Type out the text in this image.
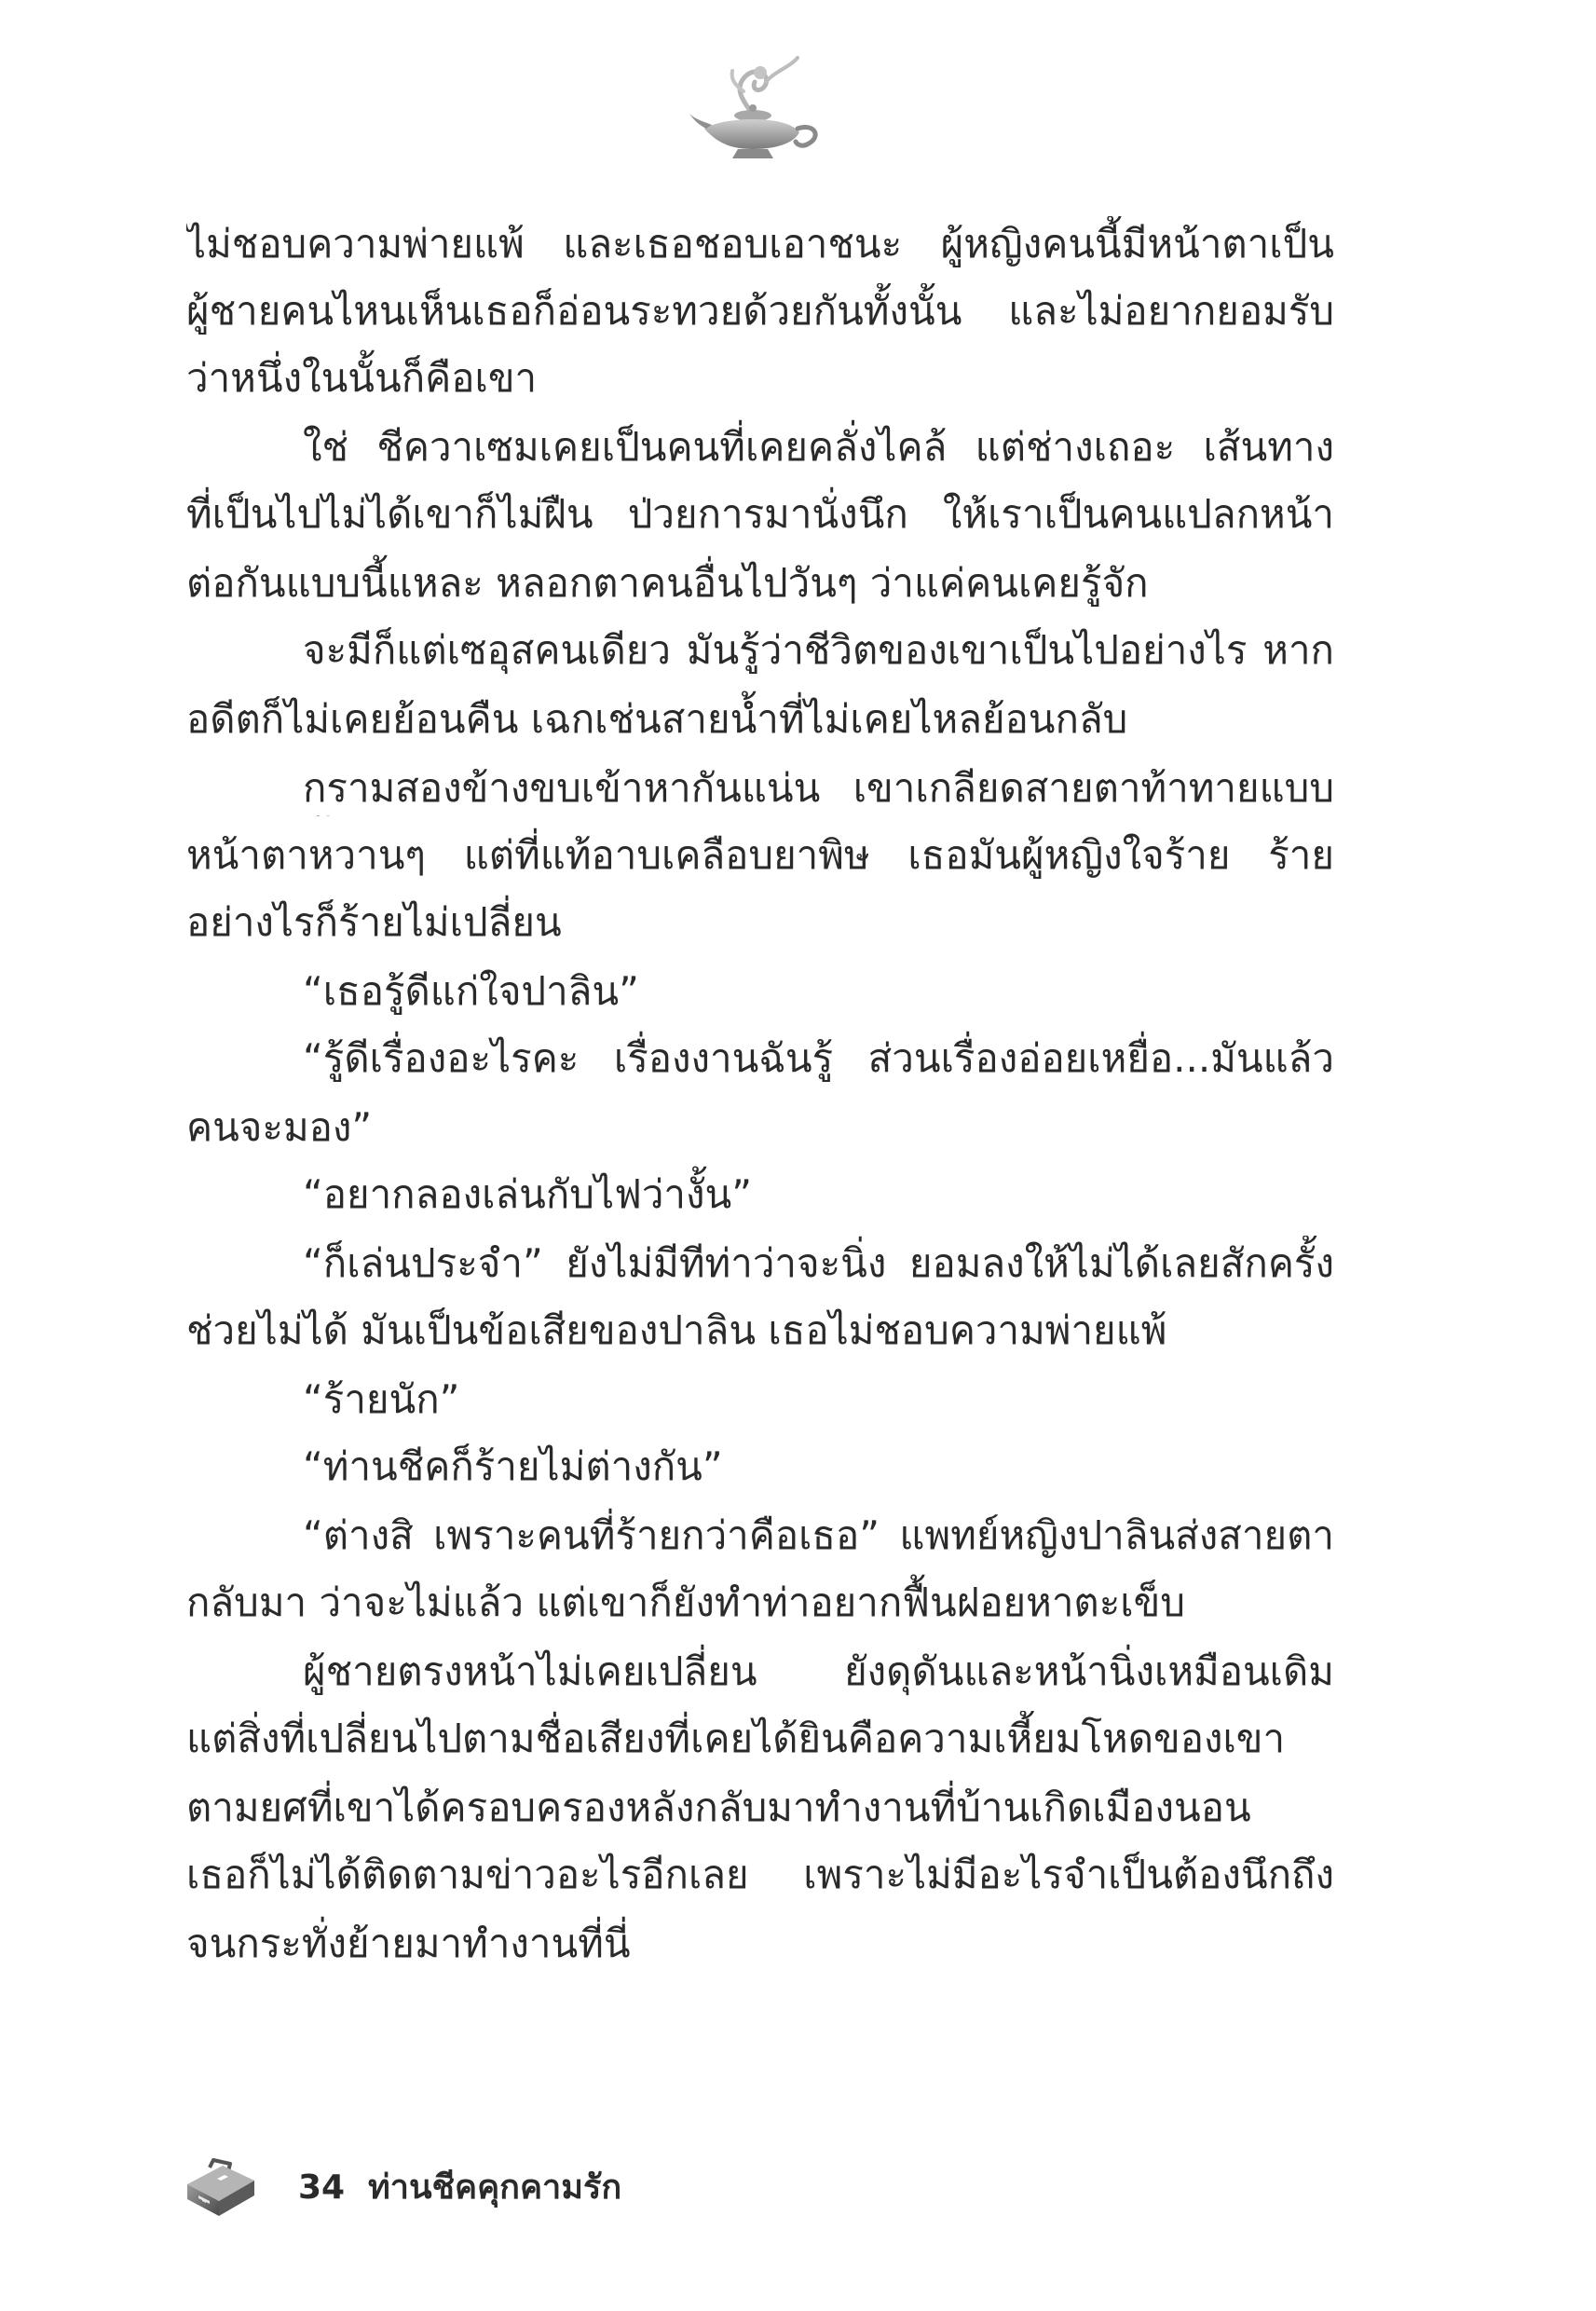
ไม่ชอบความพ่ายแพ้ และเธอชอบเอาชนะ ผู้หญิงคนนี้มีหน้าตาเป็น
ผู้ชายคนไหนเห็นเธอก็อ่อนระทวยด้วยกันทั้งนั้น และไม่อยากยอมรับ
ว่าหนึ่งในนั้นก็คือเขา
ใช่ ชีควาเซมเคยเป็นคนที่เคยคลั่งไคล้ แต่ช่างเถอะ เส้นทาง
ที่เป็นไปไม่ได้เขาก็ไม่ฝืน ป่วยการมานั่งนึก ให้เราเป็นคนแปลกหน้า
ต่อกันแบบนี้แหละ หลอกตาคนอื่นไปวันๆ ว่าแค่คนเคยรู้จัก
จะมีก็แต่เซอุสคนเดียว มันรู้ว่าชีวิตของเขาเป็นไปอย่างไร หาก
อดีตก็ไม่เคยย้อนคืน เฉกเช่นสายน้ำที่ไม่เคยไหลย้อนกลับ
กรามสองข้างขบเข้าหากันแน่น เขาเกลียดสายตาท้าทายแบบ
หน้าตาหวานๆ แต่ที่แท้อาบเคลือบยาพิษ เธอมันผู้หญิงใจร้าย ร้าย
อย่างไรก็ร้ายไม่เปลี่ยน
“เธอรู้ดีแก่ใจปาลิน”
“รู้ดีเรื่องอะไรคะ เรื่องงานฉันรู้ ส่วนเรื่องอ่อยเหยื่อ...มันแล้ว
คนจะมอง”
“อยากลองเล่นกับไฟว่างั้น”
“ก็เล่นประจำ” ยังไม่มีทีท่าว่าจะนิ่ง ยอมลงให้ไม่ได้เลยสักครั้ง
ช่วยไม่ได้ มันเป็นข้อเสียของปาลิน เธอไม่ชอบความพ่ายแพ้
“ร้ายนัก”
“ท่านชีคก็ร้ายไม่ต่างกัน”
“ต่างสิ เพราะคนที่ร้ายกว่าคือเธอ” แพทย์หญิงปาลินส่งสายตา
กลับมา ว่าจะไม่แล้ว แต่เขาก็ยังทำท่าอยากฟื้นฝอยหาตะเข็บ
ผู้ชายตรงหน้าไม่เคยเปลี่ยน ยังดุดันและหน้านิ่งเหมือนเดิม
แต่สิ่งที่เปลี่ยนไปตามชื่อเสียงที่เคยได้ยินคือความเหี้ยมโหดของเขา
ตามยศที่เขาได้ครอบครองหลังกลับมาทำงานที่บ้านเกิดเมืองนอน
เธอก็ไม่ได้ติดตามข่าวอะไรอีกเลย เพราะไม่มีอะไรจำเป็นต้องนึกถึง
จนกระทั่งย้ายมาทำงานที่นี่
34 ท่านชีคคุกคามรัก
